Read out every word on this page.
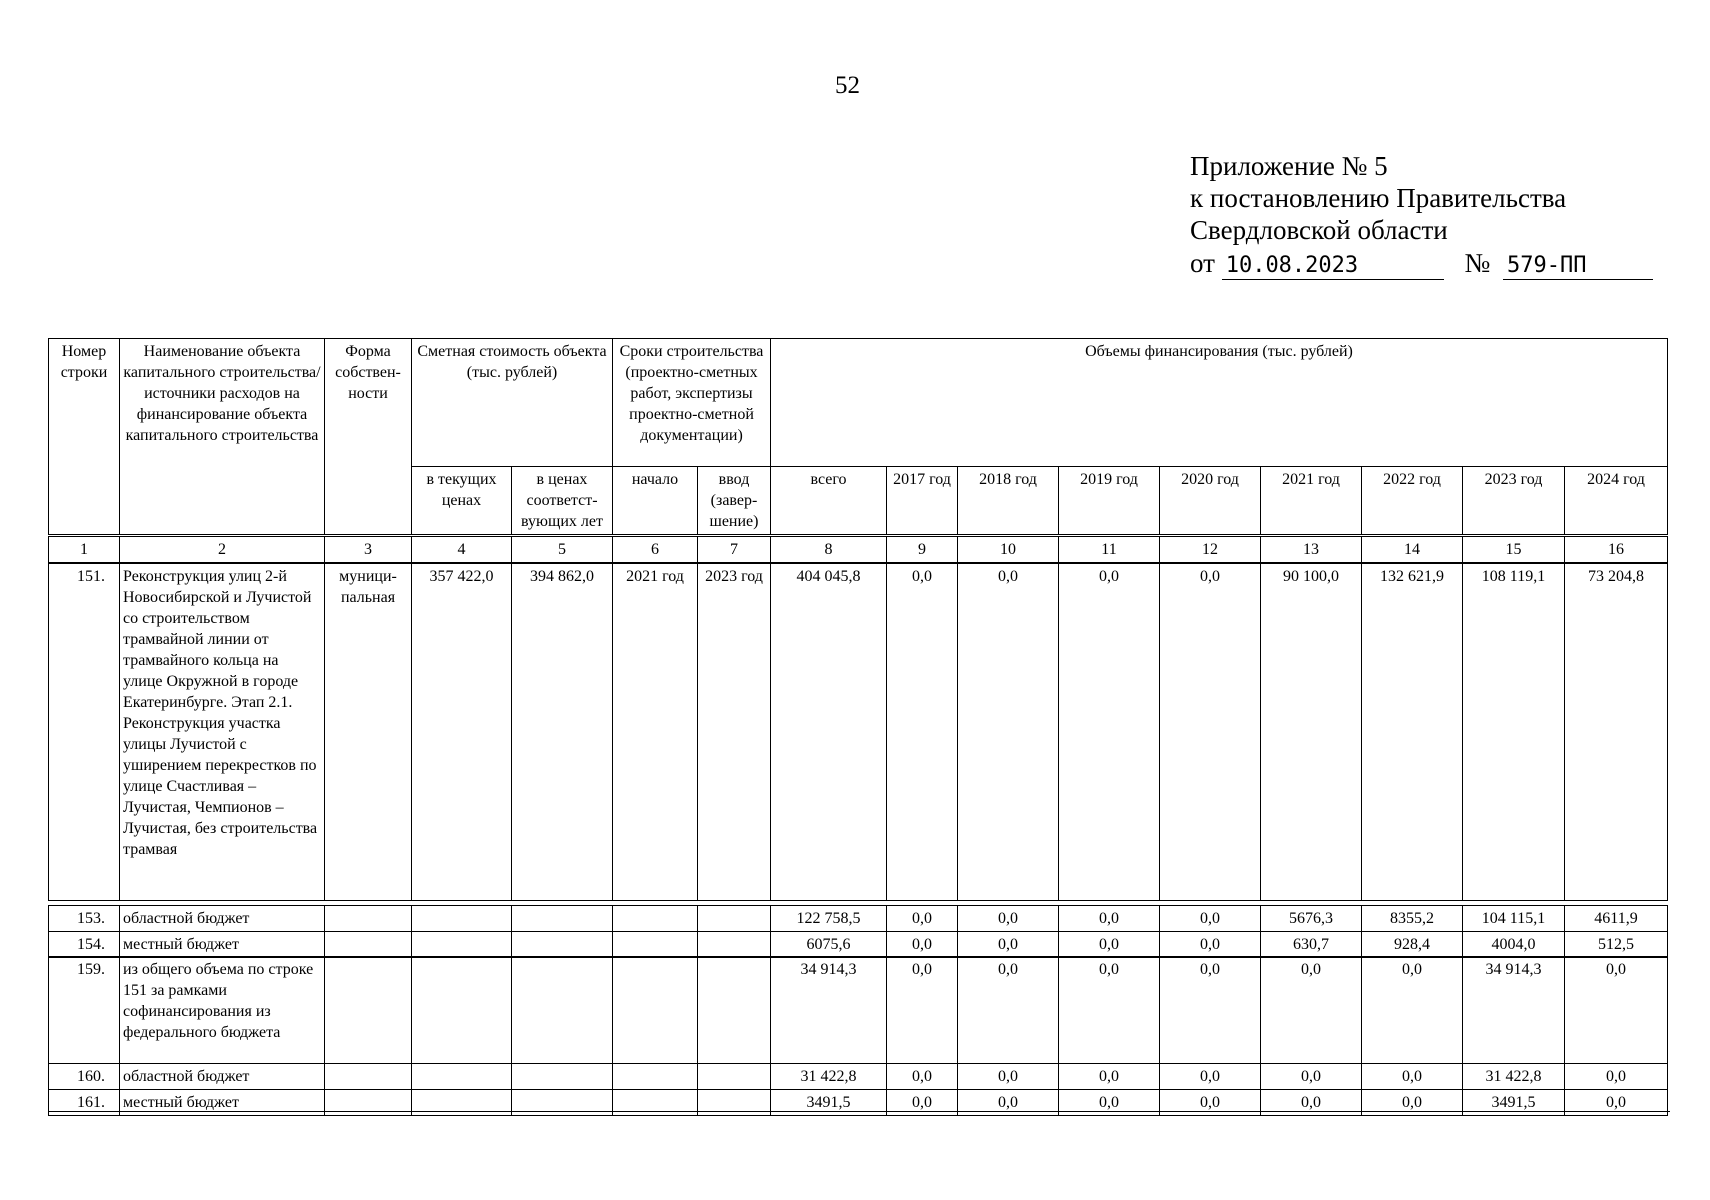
52
Приложение № 5
к постановлению Правительства
Свердловской области
от 10.08.2023	№ 579-ПП
Номер строки	Наименование объекта капитального строительства/источники расходов на финансирование объекта капитального строительства	Форма собствен-ности	Сметная стоимость объекта (тыс. рублей)		Сроки строительства (проектно-сметных работ, экспертизы проектно-сметной документации)		Объемы финансирования (тыс. рублей)								
			в текущих ценах	в ценах соответст-вующих лет	начало	ввод (завер-шение)	всего	2017 год	2018 год	2019 год	2020 год	2021 год	2022 год	2023 год	2024 год
1	2	3	4	5	6	7	8	9	10	11	12	13	14	15	16
151.	Реконструкция улиц 2-й Новосибирской и Лучистой со строительством трамвайной линии от трамвайного кольца на улице Окружной в городе Екатеринбурге. Этап 2.1. Реконструкция участка улицы Лучистой с уширением перекрестков по улице Счастливая – Лучистая, Чемпионов – Лучистая, без строительства трамвая	муници-пальная	357 422,0	394 862,0	2021 год	2023 год	404 045,8	0,0	0,0	0,0	0,0	90 100,0	132 621,9	108 119,1	73 204,8
153.	областной бюджет						122 758,5	0,0	0,0	0,0	0,0	5676,3	8355,2	104 115,1	4611,9
154.	местный бюджет						6075,6	0,0	0,0	0,0	0,0	630,7	928,4	4004,0	512,5
159.	из общего объема по строке 151 за рамками софинансирования из федерального бюджета						34 914,3	0,0	0,0	0,0	0,0	0,0	0,0	34 914,3	0,0
160.	областной бюджет						31 422,8	0,0	0,0	0,0	0,0	0,0	0,0	31 422,8	0,0
161.	местный бюджет						3491,5	0,0	0,0	0,0	0,0	0,0	0,0	3491,5	0,0
